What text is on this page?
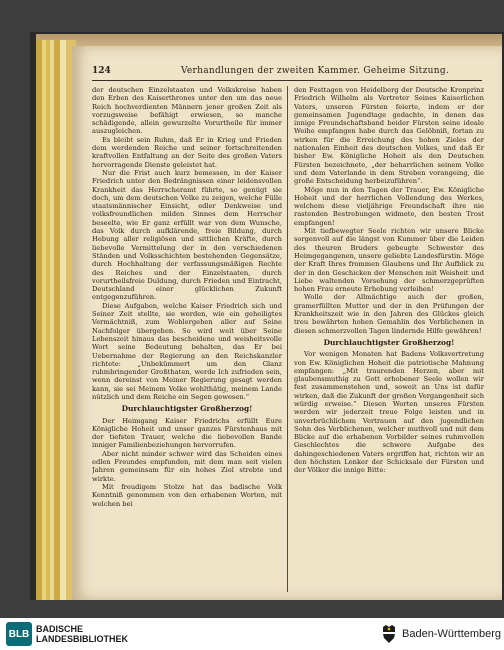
124	Verhandlungen der zweiten Kammer. Geheime Sitzung.

der deutschen Einzelstaaten und Volkskreise haben den Erben des Kaiserthrones unter den um das neue Reich hochverdienten Männern jener großen Zeit als vorzugsweise befähigt erwiesen, so manche schädigende, allein gewurzelte Vorurtheile für immer auszugleichen.

Es bleibt sein Ruhm, daß Er in Krieg und Frieden dem werdenden Reiche und seiner fortschreitenden kraftvollen Entfaltung an der Seite des großen Vaters hervorragende Dienste geleistet hat.

Nur die Frist auch kurz bemessen, in der Kaiser Friedrich unter den Bedrängnissen einer leidensvollen Krankheit das Herrscheramt führte, so genügt sie doch, um dem deutschen Volke zu zeigen, welche Fülle staatsmännischer Einsicht, edler Denkweise und volksfreundlichen milden Sinnes dem Herrscher beseelte, wie Er ganz erfüllt war von dem Wunsche, das Volk durch aufklärende, freie Bildung, durch Hebung aller religiösen und sittlichen Kräfte, durch liebevolle Vermittelung der in den verschiedenen Ständen und Volksschichten bestehenden Gegensätze, durch Hochhaltung der verfassungsmäßigen Rechte des Reiches und der Einzelstaaten, durch vorurtheilsfreie Duldung, durch Frieden und Eintracht, Deutschland einer glücklichen Zukunft entgegenzuführen.

Diese Aufgaben, welche Kaiser Friedrich sich und Seiner Zeit stellte, sie werden, wie ein geheiligtes Vermächtniß, zum Wohlergehen aller auf Seine Nachfolger übergehen. So wird weit über Seine Lebenszeit hinaus das bescheidene und weisheitsvolle Wort seine Bedeutung behalten, das Er bei Uebernahme der Regierung an den Reichskanzler richtete: „Unbekümmert um den Glanz ruhmbringender Großthaten, werde Ich zufrieden sein, wenn dereinst von Meiner Regierung gesagt werden kann, sie sei Meinem Volke wohlthätig, meinem Lande nützlich und dem Reiche ein Segen gewesen.“

Durchlauchtigster Großherzog!

Der Heimgang Kaiser Friedrichs erfüllt Eure Königliche Hoheit und unser ganzes Fürstenhaus mit der tiefsten Trauer, welche die liebevollen Bande inniger Familienbeziehungen hervorrufen.

Aber nicht minder schwer wird das Scheiden eines edlen Freundes empfunden, mit dem man seit vielen Jahren gemeinsam für ein hohes Ziel strebte und wirkte.

Mit freudigem Stolze hat das badische Volk Kenntniß genommen von den erhabenen Worten, mit welchen bei

den Festtagen von Heidelberg der Deutsche Kronprinz Friedrich Wilhelm als Vertreter Seines Kaiserlichen Vaters, unseren Fürsten feierte, indem er der gemeinsamen Jugendtage gedachte, in denen das innige Freundschaftsband beider Fürsten seine ideale Weihe empfangen habe durch das Gelöbniß, fortan zu wirken für die Erreichung des hohen Zieles der nationalen Einheit des deutschen Volkes, und daß Er bisher Ew. Königliche Hoheit als den Deutschen Fürsten bezeichnete, „der beharrlichen seinem Volke und dem Vaterlande in dem Streben vorangeing, die große Entscheidung herbeizuführen“.

Möge nun in den Tagen der Trauer, Ew. Königliche Hoheit und der herrlichen Vollendung des Werkes, welchem diese vieljährige Freundschaft ihre nie rastenden Bestrebungen widmete, den besten Trost empfangen!

Mit tiefbewegter Seele richten wir unsere Blicke sorgenvoll auf die längst von Kummer über die Leiden des theuren Bruders gebeugte Schwester des Heimgegangenen, unsere geliebte Landesfürstin. Möge der Kraft Ihres frommen Glaubens und Ihr Aufblick zu der in den Geschicken der Menschen mit Weisheit und Liebe waltenden Vorsehung der schmerzgeprüften hohen Frau erneute Erhebung verleihen!

Wolle der Allmächtige auch der großen, gramerfüllten Mutter und der in den Prüfungen der Krankheitszeit wie in den Jahren des Glückes gleich treu bewährten hohen Gemahlin des Verblichenen in diesen schmerzvollen Tagen lindernde Hilfe gewähren!

Durchlauchtigster Großherzog!

Vor wenigen Monaten hat Badens Volksvertretung von Ew. Königlichen Hoheit die patriotische Mahnung empfangen: „Mit traurenden Herzen, aber mit glaubensmuthig zu Gott erhobener Seele wollen wir fest zusammenstehen und, soweit an Uns ist dafür wirken, daß die Zukunft der großen Vergangenheit sich würdig erweise.“ Diesen Worten unseres Fürsten werden wir jederzeit treue Folge leisten und in unverbrüchlichem Vertrauen auf den jugendlichen Sohn des Verblichenen, welcher muthvoll und mit dem Blicke auf die erhabenen Vorbilder seines ruhmvollen Geschlechtes die schwere Aufgabe des dahingeschiedenen Vaters ergriffen hat, richten wir an den höchsten Lenker der Schicksale der Fürsten und der Völker die innige Bitte:

BLB BADISCHE
LANDESBIBLIOTHEK	Baden-Württemberg
